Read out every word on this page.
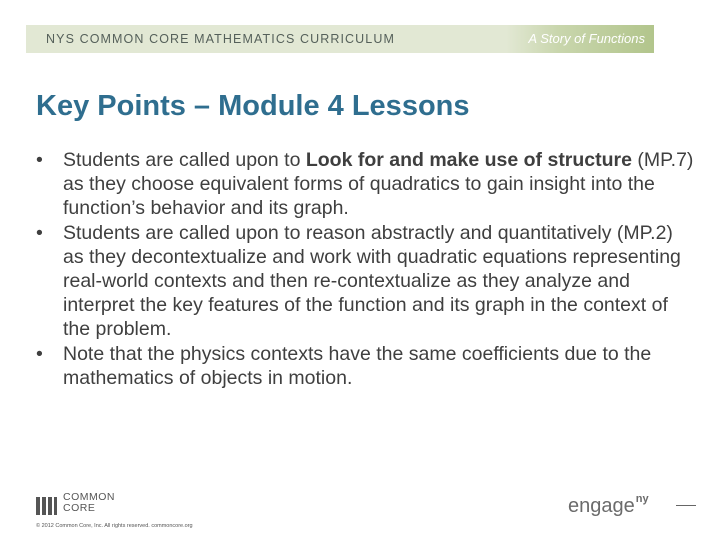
NYS COMMON CORE MATHEMATICS CURRICULUM	A Story of Functions
Key Points – Module 4 Lessons
• Students are called upon to Look for and make use of structure (MP.7) as they choose equivalent forms of quadratics to gain insight into the function’s behavior and its graph.
• Students are called upon to reason abstractly and quantitatively (MP.2) as they decontextualize and work with quadratic equations representing real-world contexts and then re-contextualize as they analyze and interpret the key features of the function and its graph in the context of the problem.
• Note that the physics contexts have the same coefficients due to the mathematics of objects in motion.
COMMON
CORE
© 2012 Common Core, Inc. All rights reserved. commoncore.org
engage$^{ny}$
